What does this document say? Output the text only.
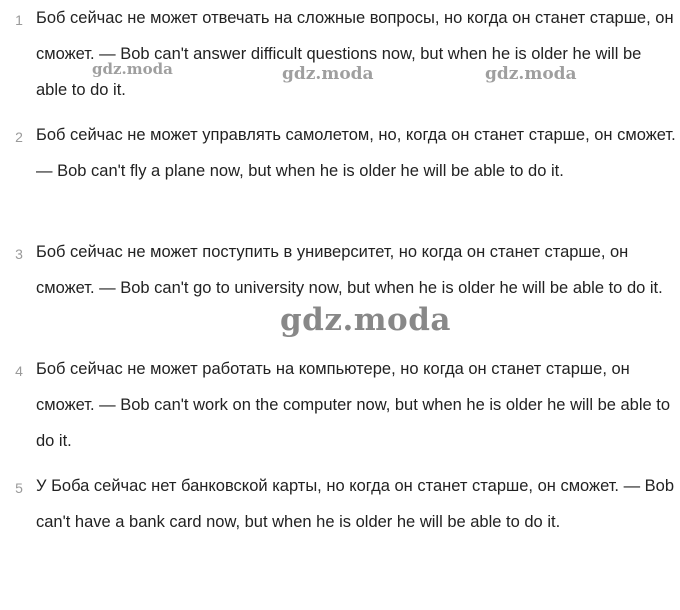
1 Боб сейчас не может отвечать на сложные вопросы, но когда он станет старше, он сможет. — Bob can't answer difficult questions now, but when he is older he will be able to do it.
2 Боб сейчас не может управлять самолетом, но, когда он станет старше, он сможет. — Bob can't fly a plane now, but when he is older he will be able to do it.
3 Боб сейчас не может поступить в университет, но когда он станет старше, он сможет. — Bob can't go to university now, but when he is older he will be able to do it.
4 Боб сейчас не может работать на компьютере, но когда он станет старше, он сможет. — Bob can't work on the computer now, but when he is older he will be able to do it.
5 У Боба сейчас нет банковской карты, но когда он станет старше, он сможет. — Bob can't have a bank card now, but when he is older he will be able to do it.
gdz.moda	gdz.moda	gdz.moda
gdz.moda
